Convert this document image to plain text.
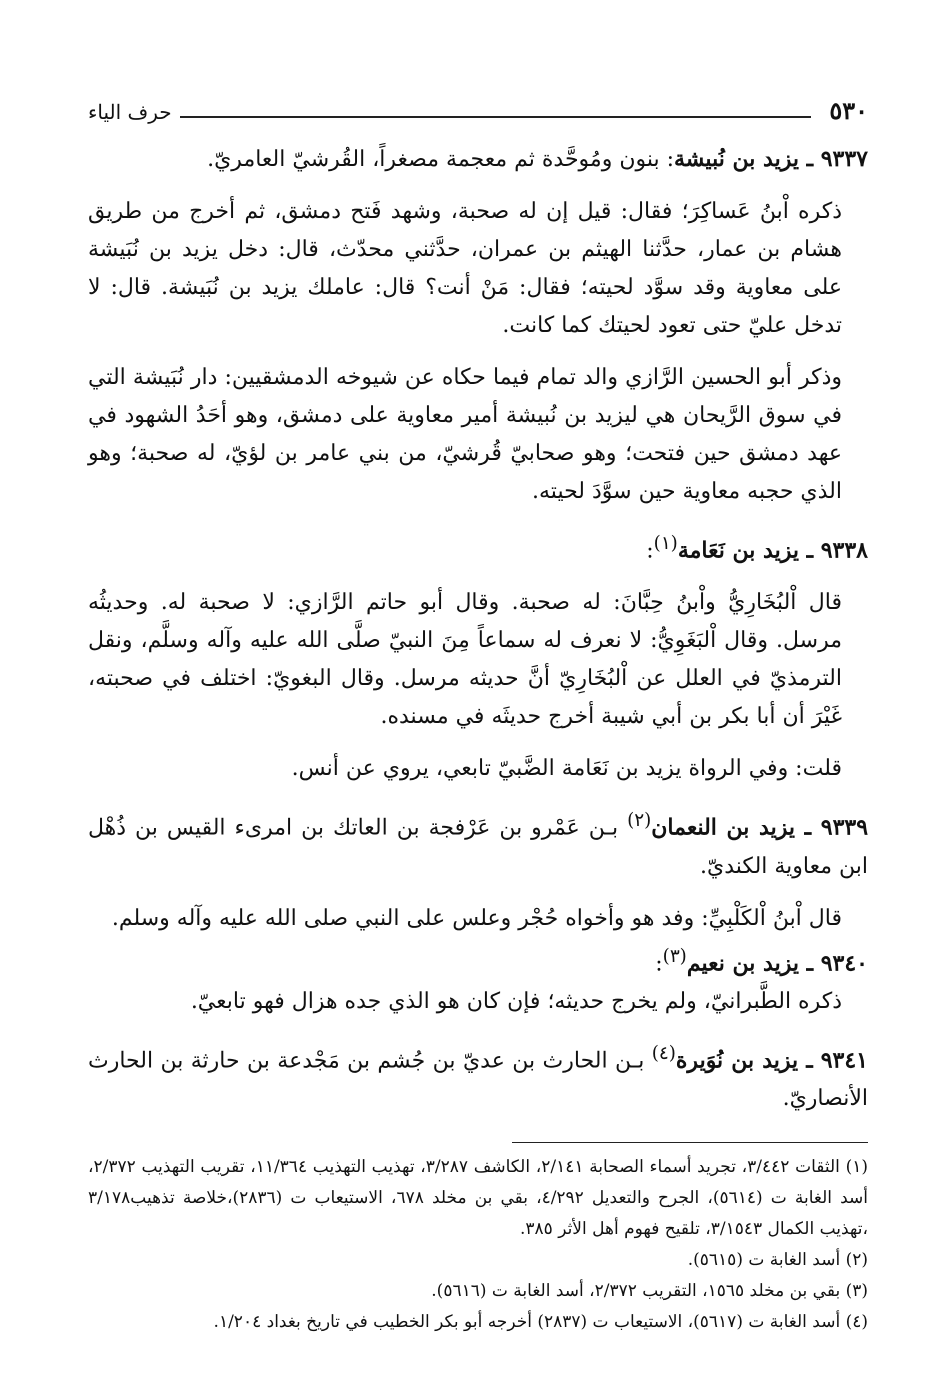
٥٣٠
حرف الياء

٩٣٣٧ ـ يزيد بن نُبيشة: بنون ومُوحَّدة ثم معجمة مصغراً، القُرشيّ العامريّ.

ذكره اْبنُ عَساكِرَ؛ فقال: قيل إن له صحبة، وشهد فَتح دمشق، ثم أخرج من طريق هشام بن عمار، حدَّثنا الهيثم بن عمران، حدَّثني محدّث، قال: دخل يزيد بن نُبَيشة على معاوية وقد سوَّد لحيته؛ فقال: مَنْ أنت؟ قال: عاملك يزيد بن نُبَيشة. قال: لا تدخل عليّ حتى تعود لحيتك كما كانت.

وذكر أبو الحسين الرَّازي والد تمام فيما حكاه عن شيوخه الدمشقيين: دار نُبَيشة التي في سوق الرَّيحان هي ليزيد بن نُبيشة أمير معاوية على دمشق، وهو أحَدُ الشهود في عهد دمشق حين فتحت؛ وهو صحابيّ قُرشيّ، من بني عامر بن لؤيّ، له صحبة؛ وهو الذي حجبه معاوية حين سوَّدَ لحيته.

٩٣٣٨ ـ يزيد بن نَعَامة$^{(١)}$:

قال اْلبُخَارِيُّ واْبنُ حِبَّانَ: له صحبة. وقال أبو حاتم الرَّازي: لا صحبة له. وحديثُه مرسل. وقال اْلبَغَوِيُّ: لا نعرف له سماعاً مِنَ النبيّ صلَّى الله عليه وآله وسلَّم، ونقل الترمذيّ في العلل عن اْلبُخَارِيّ أنَّ حديثه مرسل. وقال البغويّ: اختلف في صحبته، غَيْرَ أن أبا بكر بن أبي شيبة أخرج حديثَه في مسنده.

قلت: وفي الرواة يزيد بن نَعَامة الضَّبيّ تابعي، يروي عن أنس.

٩٣٣٩ ـ يزيد بن النعمان$^{(٢)}$ بـن عَمْرو بن عَرْفجة بن العاتك بن امرىء القيس بن ذُهْل ابن معاوية الكنديّ.

قال اْبنُ اْلكَلْبِيِّ: وفد هو وأخواه حُجْر وعلس على النبي صلى الله عليه وآله وسلم.

٩٣٤٠ ـ يزيد بن نعيم$^{(٣)}$:

ذكره الطَّبرانيّ، ولم يخرج حديثه؛ فإن كان هو الذي جده هزال فهو تابعيّ.

٩٣٤١ ـ يزيد بن نُوَيرة$^{(٤)}$ بـن الحارث بن عديّ بن جُشم بن مَجْدعة بن حارثة بن الحارث الأنصاريّ.

(١) الثقات ٣/٤٤٢، تجريد أسماء الصحابة ٢/١٤١، الكاشف ٣/٢٨٧، تهذيب التهذيب ١١/٣٦٤، تقريب التهذيب ٢/٣٧٢، أسد الغابة ت (٥٦١٤)، الجرح والتعديل ٤/٢٩٢، بقي بن مخلد ٦٧٨، الاستيعاب ت (٢٨٣٦)،خلاصة تذهيب٣/١٧٨ ،تهذيب الكمال ٣/١٥٤٣، تلقيح فهوم أهل الأثر ٣٨٥.

(٢) أسد الغابة ت (٥٦١٥).

(٣) بقي بن مخلد ١٥٦٥، التقريب ٢/٣٧٢، أسد الغابة ت (٥٦١٦).

(٤) أسد الغابة ت (٥٦١٧)، الاستيعاب ت (٢٨٣٧) أخرجه أبو بكر الخطيب في تاريخ بغداد ١/٢٠٤.
